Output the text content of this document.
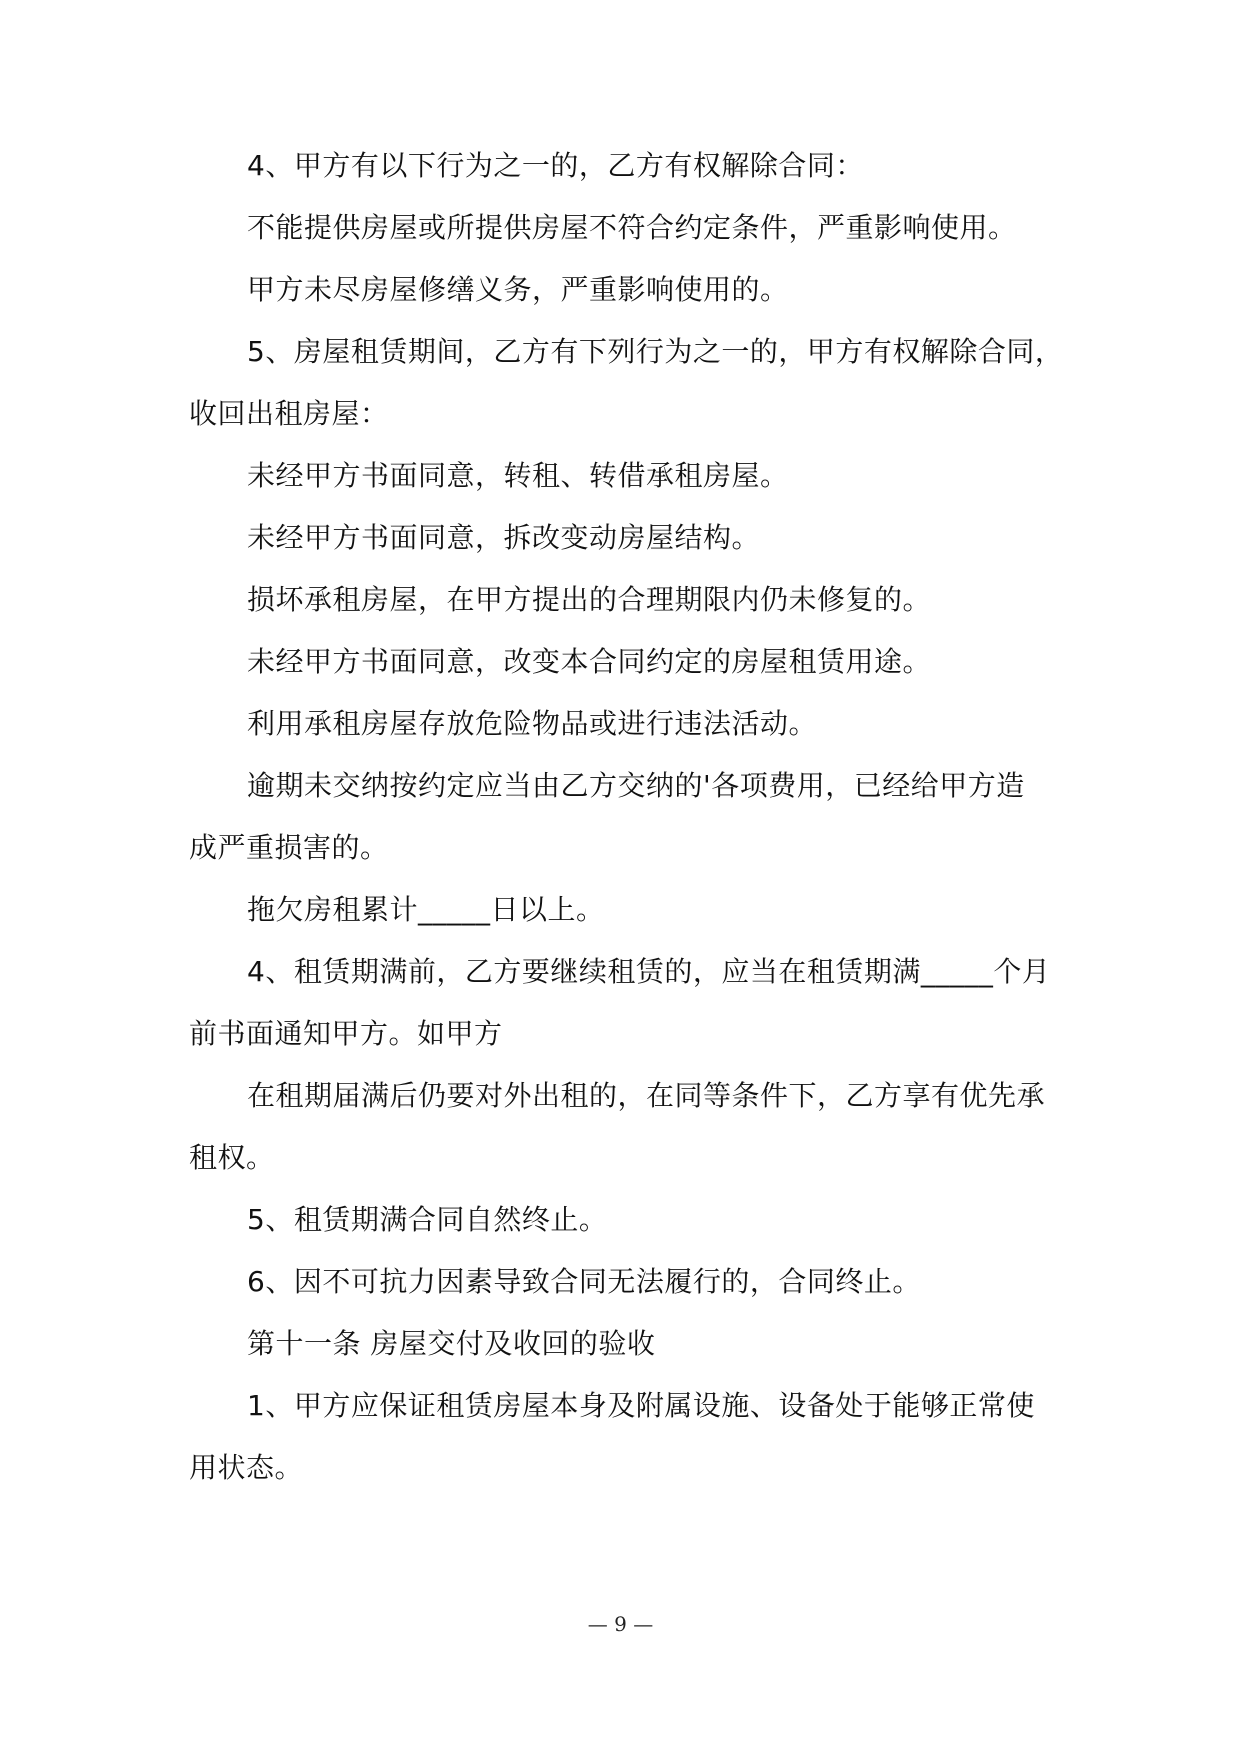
4、甲方有以下行为之一的，乙方有权解除合同：
不能提供房屋或所提供房屋不符合约定条件，严重影响使用。
甲方未尽房屋修缮义务，严重影响使用的。
5、房屋租赁期间，乙方有下列行为之一的，甲方有权解除合同，
收回出租房屋：
未经甲方书面同意，转租、转借承租房屋。
未经甲方书面同意，拆改变动房屋结构。
损坏承租房屋，在甲方提出的合理期限内仍未修复的。
未经甲方书面同意，改变本合同约定的房屋租赁用途。
利用承租房屋存放危险物品或进行违法活动。
逾期未交纳按约定应当由乙方交纳的'各项费用，已经给甲方造
成严重损害的。
拖欠房租累计_____日以上。
4、租赁期满前，乙方要继续租赁的，应当在租赁期满_____个月
前书面通知甲方。如甲方
在租期届满后仍要对外出租的，在同等条件下，乙方享有优先承
租权。
5、租赁期满合同自然终止。
6、因不可抗力因素导致合同无法履行的，合同终止。
第十一条 房屋交付及收回的验收
1、甲方应保证租赁房屋本身及附属设施、设备处于能够正常使
用状态。
— 9 —
